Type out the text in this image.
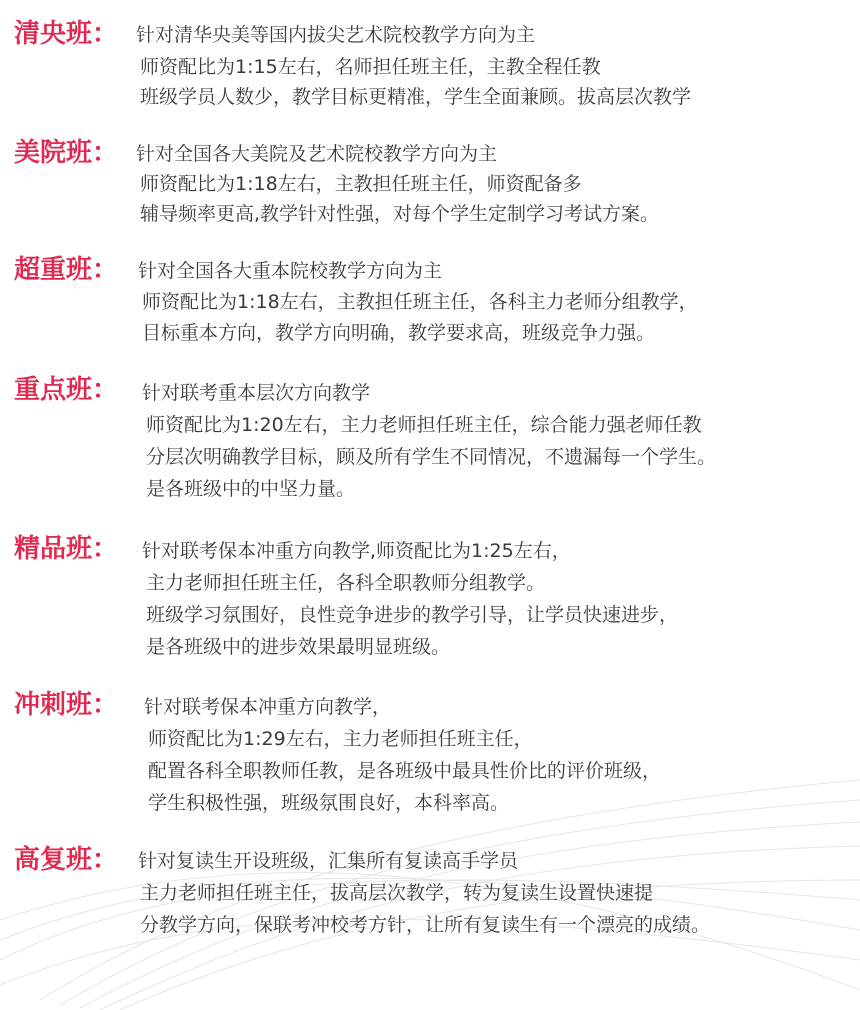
清央班： 针对清华央美等国内拔尖艺术院校教学方向为主
师资配比为1:15左右，名师担任班主任，主教全程任教
班级学员人数少，教学目标更精准，学生全面兼顾。拔高层次教学
美院班： 针对全国各大美院及艺术院校教学方向为主
师资配比为1:18左右，主教担任班主任，师资配备多
辅导频率更高,教学针对性强，对每个学生定制学习考试方案。
超重班： 针对全国各大重本院校教学方向为主
师资配比为1:18左右，主教担任班主任，各科主力老师分组教学，
目标重本方向，教学方向明确，教学要求高，班级竞争力强。
重点班： 针对联考重本层次方向教学
师资配比为1:20左右，主力老师担任班主任，综合能力强老师任教
分层次明确教学目标，顾及所有学生不同情况，不遗漏每一个学生。
是各班级中的中坚力量。
精品班： 针对联考保本冲重方向教学,师资配比为1:25左右，
主力老师担任班主任，各科全职教师分组教学。
班级学习氛围好，良性竞争进步的教学引导，让学员快速进步，
是各班级中的进步效果最明显班级。
冲刺班： 针对联考保本冲重方向教学，
师资配比为1:29左右，主力老师担任班主任，
配置各科全职教师任教，是各班级中最具性价比的评价班级，
学生积极性强，班级氛围良好，本科率高。
高复班： 针对复读生开设班级，汇集所有复读高手学员
主力老师担任班主任，拔高层次教学，转为复读生设置快速提
分教学方向，保联考冲校考方针，让所有复读生有一个漂亮的成绩。
